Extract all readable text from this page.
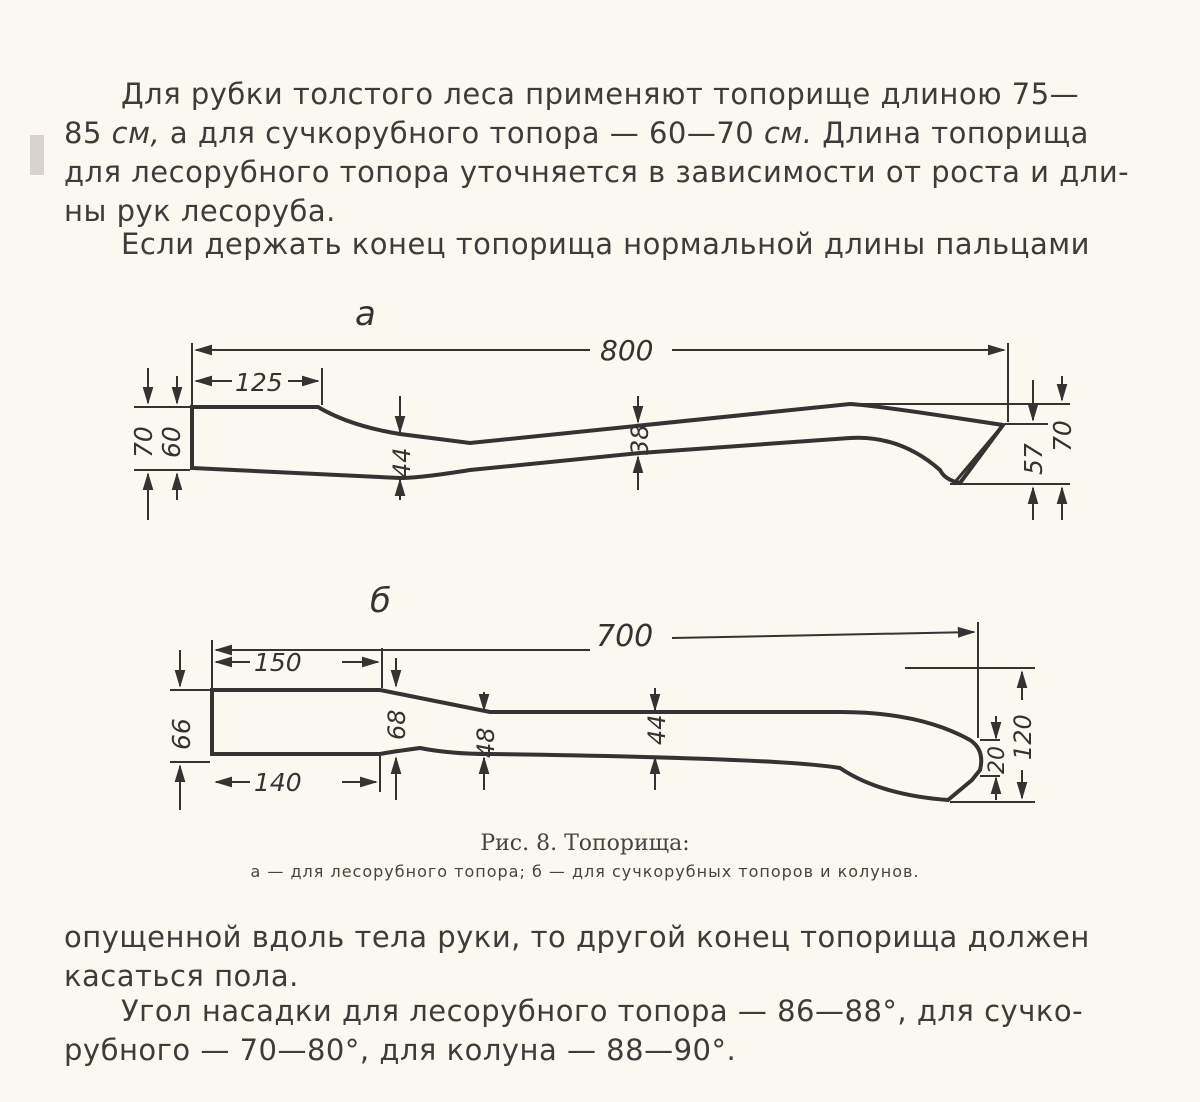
Для рубки толстого леса применяют топорище длиною 75—
85 см, а для сучкорубного топора — 60—70 см. Длина топорища
для лесорубного топора уточняется в зависимости от роста и дли-
ны рук лесоруба.
Если держать конец топорища нормальной длины пальцами
а
800
125
70 60
44
38
57
70
б
700
150
140
66	68
48	44
20 120
Рис. 8. Топорища:
а — для лесорубного топора; б — для сучкорубных топоров и колунов.
опущенной вдоль тела руки, то другой конец топорища должен
касаться пола.
Угол насадки для лесорубного топора — 86—88°, для сучко-
рубного — 70—80°, для колуна — 88—90°.
